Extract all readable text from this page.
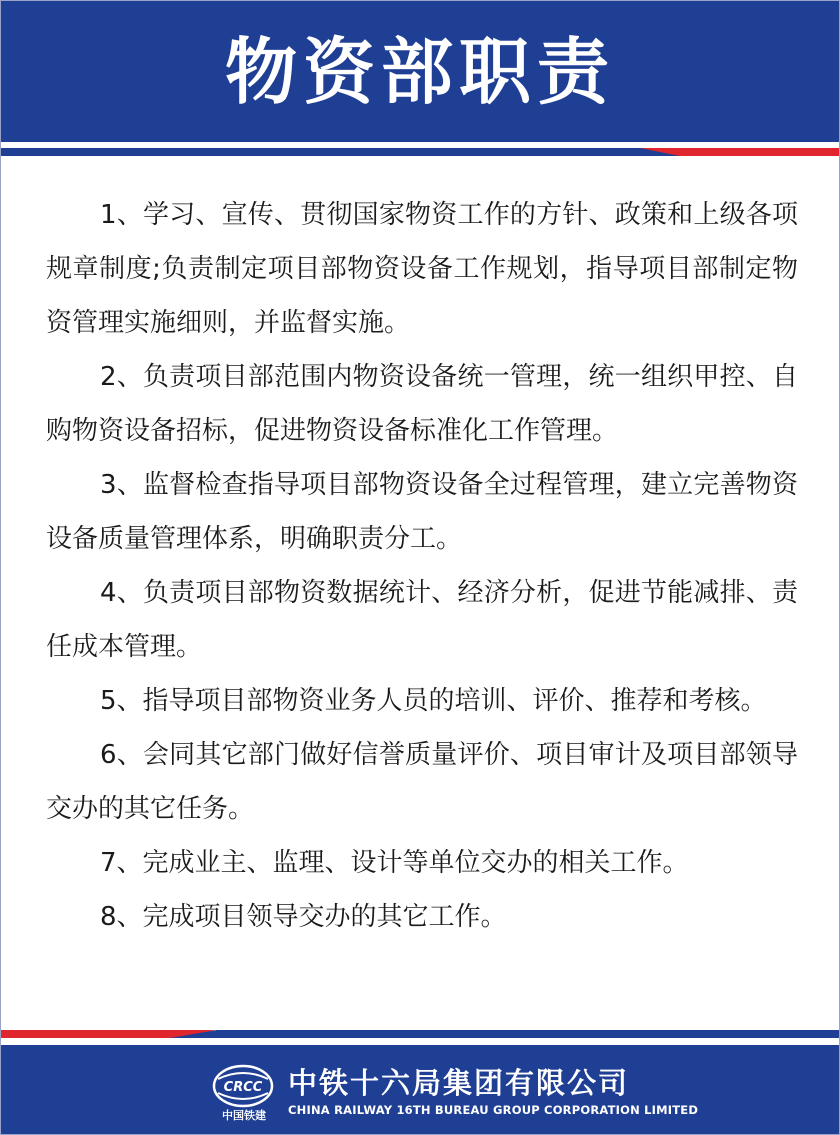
物资部职责

1、学习、宣传、贯彻国家物资工作的方针、政策和上级各项规章制度;负责制定项目部物资设备工作规划，指导项目部制定物资管理实施细则，并监督实施。

2、负责项目部范围内物资设备统一管理，统一组织甲控、自购物资设备招标，促进物资设备标准化工作管理。

3、监督检查指导项目部物资设备全过程管理，建立完善物资设备质量管理体系，明确职责分工。

4、负责项目部物资数据统计、经济分析，促进节能减排、责任成本管理。

5、指导项目部物资业务人员的培训、评价、推荐和考核。

6、会同其它部门做好信誉质量评价、项目审计及项目部领导交办的其它任务。

7、完成业主、监理、设计等单位交办的相关工作。

8、完成项目领导交办的其它工作。

CRCC
中国铁建
中铁十六局集团有限公司
CHINA RAILWAY 16TH BUREAU GROUP CORPORATION LIMITED
